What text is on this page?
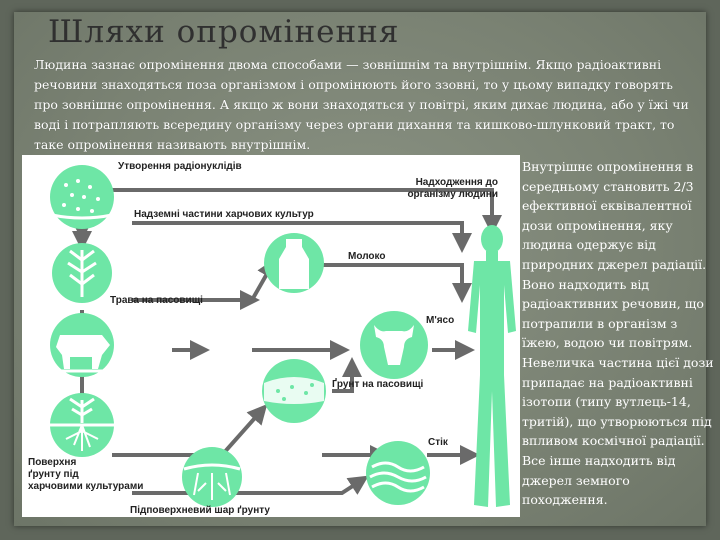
Шляхи опромінення

Людина зазнає опромінення двома способами — зовнішнім та внутрішнім. Якщо радіоактивні речовини знаходяться поза організмом і опромінюють його ззовні, то у цьому випадку говорять про зовнішнє опромінення. А якщо ж вони знаходяться у повітрі, яким дихає людина, або у їжі чи воді і потрапляють всередину організму через органи дихання та кишково-шлунковий тракт, то таке опромінення називають внутрішнім.

Утворення радіонуклідів
Надземні частини харчових культур
Молоко
Трава на пасовищі
М'ясо
Ґрунт на пасовищі
Стік
Поверхня
ґрунту під
харчовими культурами
Підповерхневий шар ґрунту
Надходження до
організму людини

Внутрішнє опромінення в середньому становить 2/3 ефективної еквівалентної дози опромінення, яку людина одержує від природних джерел радіації. Воно надходить від радіоактивних речовин, що потрапили в організм з їжею, водою чи повітрям. Невеличка частина цієї дози припадає на радіоактивні ізотопи (типу вутлець-14, тритій), що утворюються під впливом космічної радіації. Все інше надходить від джерел земного походження.
